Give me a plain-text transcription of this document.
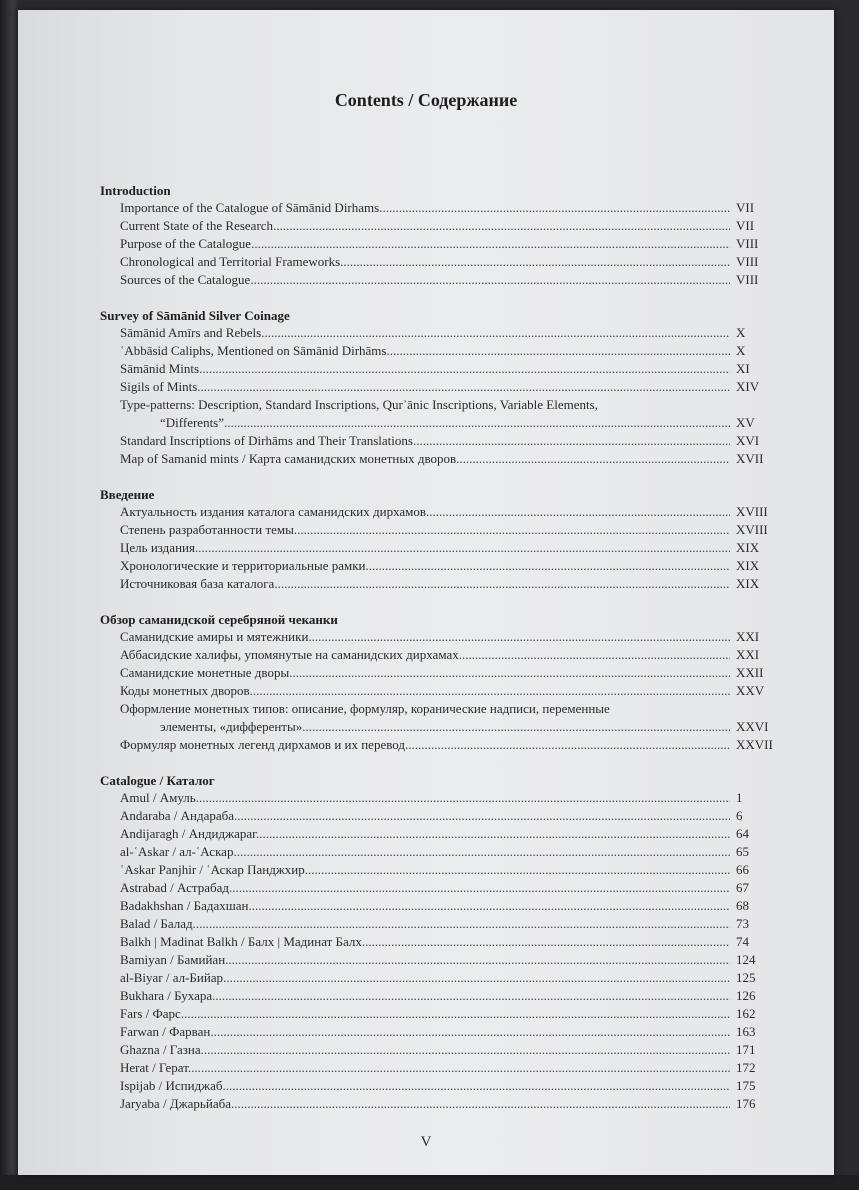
Contents / Содержание
Introduction
Importance of the Catalogue of Sāmānid Dirhams .....	VII
Current State of the Research .....	VII
Purpose of the Catalogue .....	VIII
Chronological and Territorial Frameworks .....	VIII
Sources of the Catalogue .....	VIII
Survey of Sāmānid Silver Coinage
Sāmānid Amīrs and Rebels .....	X
ʿAbbāsid Caliphs, Mentioned on Sāmānid Dirhāms .....	X
Sāmānid Mints .....	XI
Sigils of Mints .....	XIV
Type-patterns: Description, Standard Inscriptions, Qurʾānic Inscriptions, Variable Elements,
“Differents” .....	XV
Standard Inscriptions of Dirhāms and Their Translations .....	XVI
Map of Samanid mints / Карта саманидских монетных дворов .....	XVII
Введение
Актуальность издания каталога саманидских дирхамов .....	XVIII
Степень разработанности темы .....	XVIII
Цель издания .....	XIX
Хронологические и территориальные рамки .....	XIX
Источниковая база каталога .....	XIX
Обзор саманидской серебряной чеканки
Саманидские амиры и мятежники .....	XXI
Аббасидские халифы, упомянутые на саманидских дирхамах .....	XXI
Саманидские монетные дворы .....	XXII
Коды монетных дворов .....	XXV
Оформление монетных типов: описание, формуляр, коранические надписи, переменные
элементы, «дифференты» .....	XXVI
Формуляр монетных легенд дирхамов и их перевод .....	XXVII
Catalogue / Каталог
Amul / Амуль .....	1
Andaraba / Андараба .....	6
Andijaragh / Андиджараг .....	64
al-ʿAskar / ал-ʿАскар .....	65
ʿAskar Panjhir / ʿАскар Панджхир .....	66
Astrabad / Астрабад .....	67
Badakhshan / Бадахшан .....	68
Balad / Балад .....	73
Balkh | Madinat Balkh / Балх | Мадинат Балх .....	74
Bamiyan / Бамийан .....	124
al-Biyar / ал-Бийар .....	125
Bukhara / Бухара .....	126
Fars / Фарс .....	162
Farwan / Фарван .....	163
Ghazna / Газна .....	171
Herat / Герат .....	172
Ispijab / Испиджаб .....	175
Jaryaba / Джарьйаба .....	176
V
